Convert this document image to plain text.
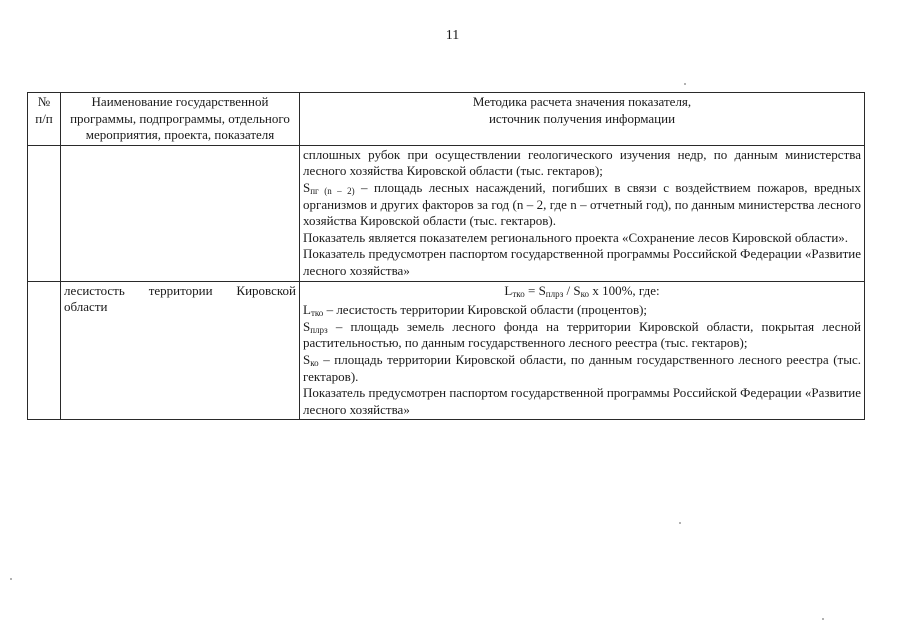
11
№ п/п	Наименование государственной программы, подпрограммы, отдельного мероприятия, проекта, показателя	Методика расчета значения показателя,
источник получения информации

		сплошных рубок при осуществлении геологического изучения недр, по данным министерства лесного хозяйства Кировской области (тыс. гектаров);

$S_{пг (n - 2)}$ – площадь лесных насаждений, погибших в связи с воздействием пожаров, вредных организмов и других факторов за год (n – 2, где n – отчетный год), по данным министерства лесного хозяйства Кировской области (тыс. гектаров).

Показатель является показателем регионального проекта «Сохранение лесов Кировской области».

Показатель предусмотрен паспортом государственной программы Российской Федерации «Развитие лесного хозяйства»

	лесистость территории Кировской области	$L_{тко} = S_{плрз} / S_{ко}$ x 100%, где:

$L_{тко}$ – лесистость территории Кировской области (процентов);

$S_{плрз}$ – площадь земель лесного фонда на территории Кировской области, покрытая лесной растительностью, по данным государственного лесного реестра (тыс. гектаров);

$S_{ко}$ – площадь территории Кировской области, по данным государственного лесного реестра (тыс. гектаров).

Показатель предусмотрен паспортом государственной программы Российской Федерации «Развитие лесного хозяйства»
